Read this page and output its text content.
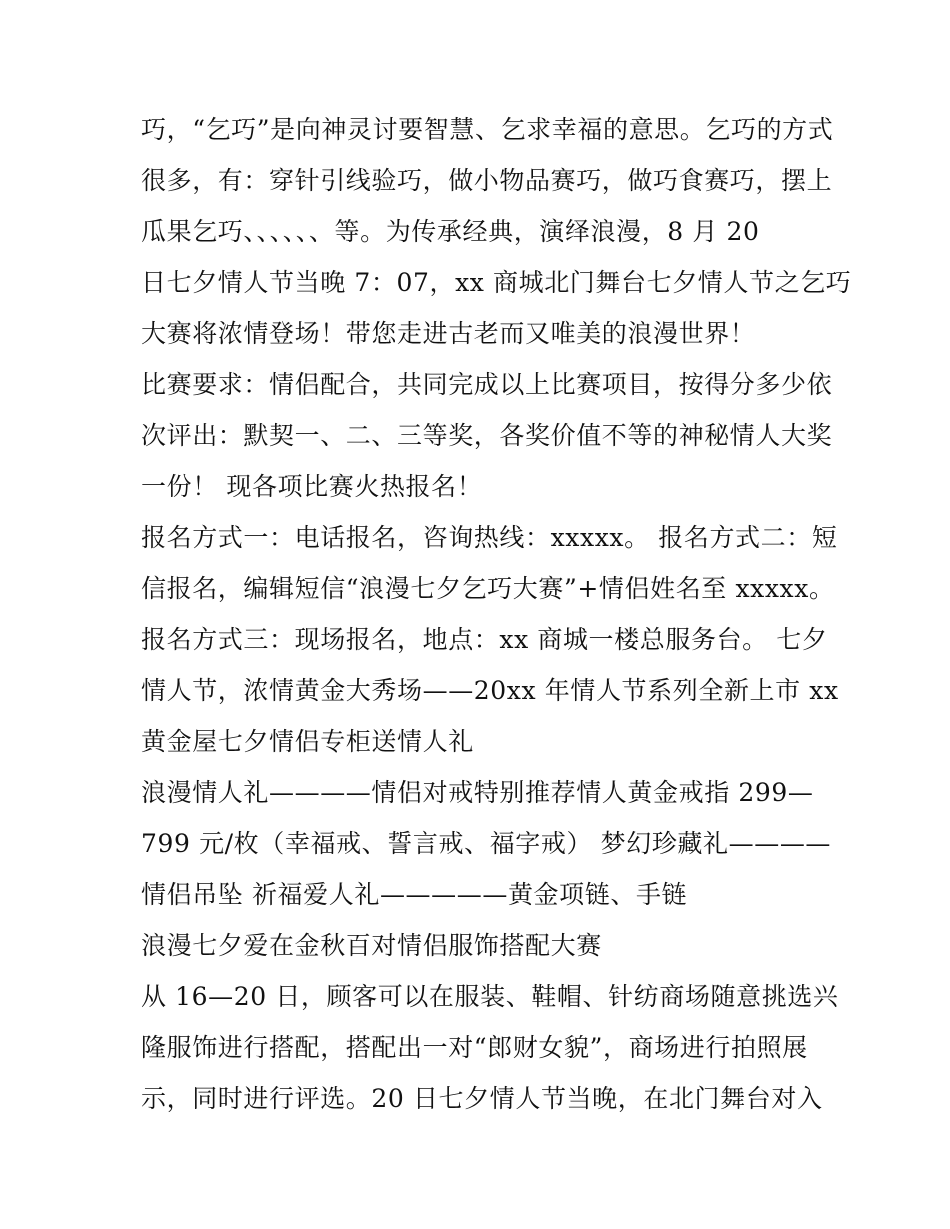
巧，“乞巧”是向神灵讨要智慧、乞求幸福的意思。乞巧的方式
很多，有：穿针引线验巧，做小物品赛巧，做巧食赛巧，摆上
瓜果乞巧、、、、、、等。为传承经典，演绎浪漫，8 月 20
日七夕情人节当晚 7：07，xx 商城北门舞台七夕情人节之乞巧
大赛将浓情登场！带您走进古老而又唯美的浪漫世界！
比赛要求：情侣配合，共同完成以上比赛项目，按得分多少依
次评出：默契一、二、三等奖，各奖价值不等的神秘情人大奖
一份！ 现各项比赛火热报名！
报名方式一：电话报名，咨询热线：xxxxx。 报名方式二：短
信报名，编辑短信“浪漫七夕乞巧大赛”+情侣姓名至 xxxxx。
报名方式三：现场报名，地点：xx 商城一楼总服务台。 七夕
情人节，浓情黄金大秀场——20xx 年情人节系列全新上市 xx
黄金屋七夕情侣专柜送情人礼
浪漫情人礼————情侣对戒特别推荐情人黄金戒指 299—
799 元/枚（幸福戒、誓言戒、福字戒） 梦幻珍藏礼————
情侣吊坠 祈福爱人礼—————黄金项链、手链
浪漫七夕爱在金秋百对情侣服饰搭配大赛
从 16—20 日，顾客可以在服装、鞋帽、针纺商场随意挑选兴
隆服饰进行搭配，搭配出一对“郎财女貌”，商场进行拍照展
示，同时进行评选。20 日七夕情人节当晚，在北门舞台对入
